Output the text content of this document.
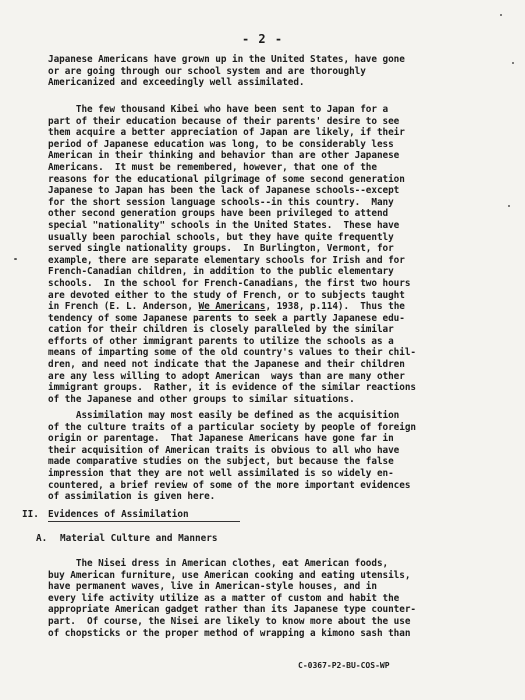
- 2 -
Japanese Americans have grown up in the United States, have gone
or are going through our school system and are thoroughly
Americanized and exceedingly well assimilated.
The few thousand Kibei who have been sent to Japan for a
part of their education because of their parents' desire to see
them acquire a better appreciation of Japan are likely, if their
period of Japanese education was long, to be considerably less
American in their thinking and behavior than are other Japanese
Americans.  It must be remembered, however, that one of the
reasons for the educational pilgrimage of some second generation
Japanese to Japan has been the lack of Japanese schools--except
for the short session language schools--in this country.  Many
other second generation groups have been privileged to attend
special "nationality" schools in the United States.  These have
usually been parochial schools, but they have quite frequently
served single nationality groups.  In Burlington, Vermont, for
example, there are separate elementary schools for Irish and for
French-Canadian children, in addition to the public elementary
schools.  In the school for French-Canadians, the first two hours
are devoted either to the study of French, or to subjects taught
in French (E. L. Anderson, We Americans, 1938, p.114).  Thus the
tendency of some Japanese parents to seek a partly Japanese edu-
cation for their children is closely paralleled by the similar
efforts of other immigrant parents to utilize the schools as a
means of imparting some of the old country's values to their chil-
dren, and need not indicate that the Japanese and their children
are any less willing to adopt American  ways than are many other
immigrant groups.  Rather, it is evidence of the similar reactions
of the Japanese and other groups to similar situations.
Assimilation may most easily be defined as the acquisition
of the culture traits of a particular society by people of foreign
origin or parentage.  That Japanese Americans have gone far in
their acquisition of American traits is obvious to all who have
made comparative studies on the subject, but because the false
impression that they are not well assimilated is so widely en-
countered, a brief review of some of the more important evidences
of assimilation is given here.
II. Evidences of Assimilation
A. Material Culture and Manners
The Nisei dress in American clothes, eat American foods,
buy American furniture, use American cooking and eating utensils,
have permanent waves, live in American-style houses, and in
every life activity utilize as a matter of custom and habit the
appropriate American gadget rather than its Japanese type counter-
part.  Of course, the Nisei are likely to know more about the use
of chopsticks or the proper method of wrapping a kimono sash than
C-0367-P2-BU-COS-WP
